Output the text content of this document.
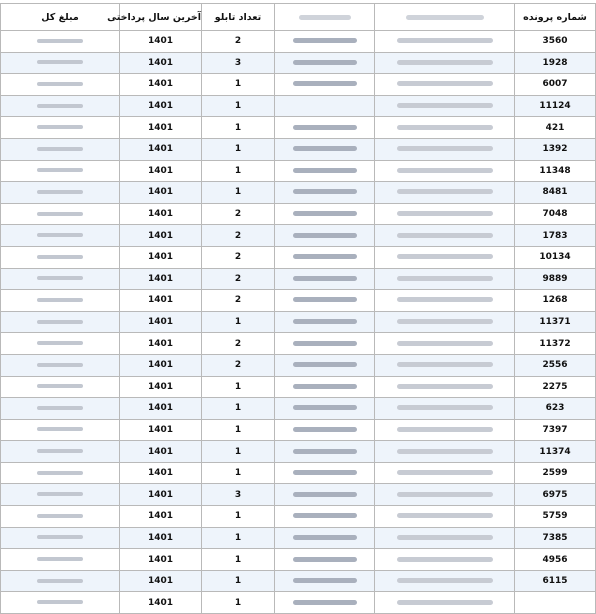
شماره پرونده			تعداد تابلو	آخرین سال پرداختی	مبلغ کل
3560			2	1401	
1928			3	1401	
6007			1	1401	
11124			1	1401	
421			1	1401	
1392			1	1401	
11348			1	1401	
8481			1	1401	
7048			2	1401	
1783			2	1401	
10134			2	1401	
9889			2	1401	
1268			2	1401	
11371			1	1401	
11372			2	1401	
2556			2	1401	
2275			1	1401	
623			1	1401	
7397			1	1401	
11374			1	1401	
2599			1	1401	
6975			3	1401	
5759			1	1401	
7385			1	1401	
4956			1	1401	
6115			1	1401	
			1	1401	
